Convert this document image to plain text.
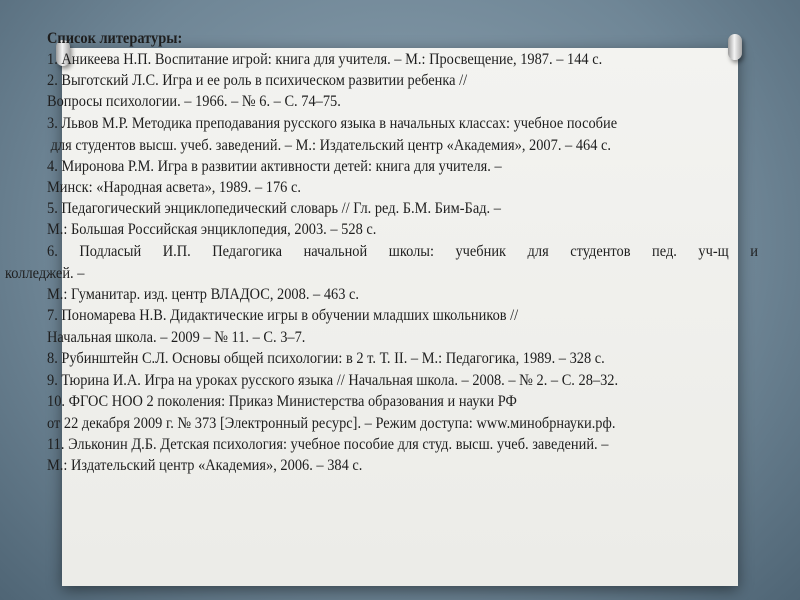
Список литературы:
1. Аникеева Н.П. Воспитание игрой: книга для учителя. – М.: Просвещение, 1987. – 144 с.
2. Выготский Л.С. Игра и ее роль в психическом развитии ребенка //
Вопросы психологии. – 1966. – № 6. – С. 74–75.
3. Львов М.Р. Методика преподавания русского языка в начальных классах: учебное пособие
для студентов высш. учеб. заведений. – М.: Издательский центр «Академия», 2007. – 464 с.
4. Миронова Р.М. Игра в развитии активности детей: книга для учителя. –
Минск: «Народная асвета», 1989. – 176 с.
5. Педагогический энциклопедический словарь // Гл. ред. Б.М. Бим-Бад. –
М.: Большая Российская энциклопедия, 2003. – 528 с.
6. Подласый И.П. Педагогика начальной школы: учебник для студентов пед. уч-щ и
колледжей. –
М.: Гуманитар. изд. центр ВЛАДОС, 2008. – 463 с.
7. Пономарева Н.В. Дидактические игры в обучении младших школьников //
Начальная школа. – 2009 – № 11. – С. 3–7.
8. Рубинштейн С.Л. Основы общей психологии: в 2 т. Т. II. – М.: Педагогика, 1989. – 328 с.
9. Тюрина И.А. Игра на уроках русского языка // Начальная школа. – 2008. – № 2. – С. 28–32.
10. ФГОС НОО 2 поколения: Приказ Министерства образования и науки РФ
от 22 декабря 2009 г. № 373 [Электронный ресурс]. – Режим доступа: www.минобрнауки.рф.
11. Эльконин Д.Б. Детская психология: учебное пособие для студ. высш. учеб. заведений. –
М.: Издательский центр «Академия», 2006. – 384 с.
